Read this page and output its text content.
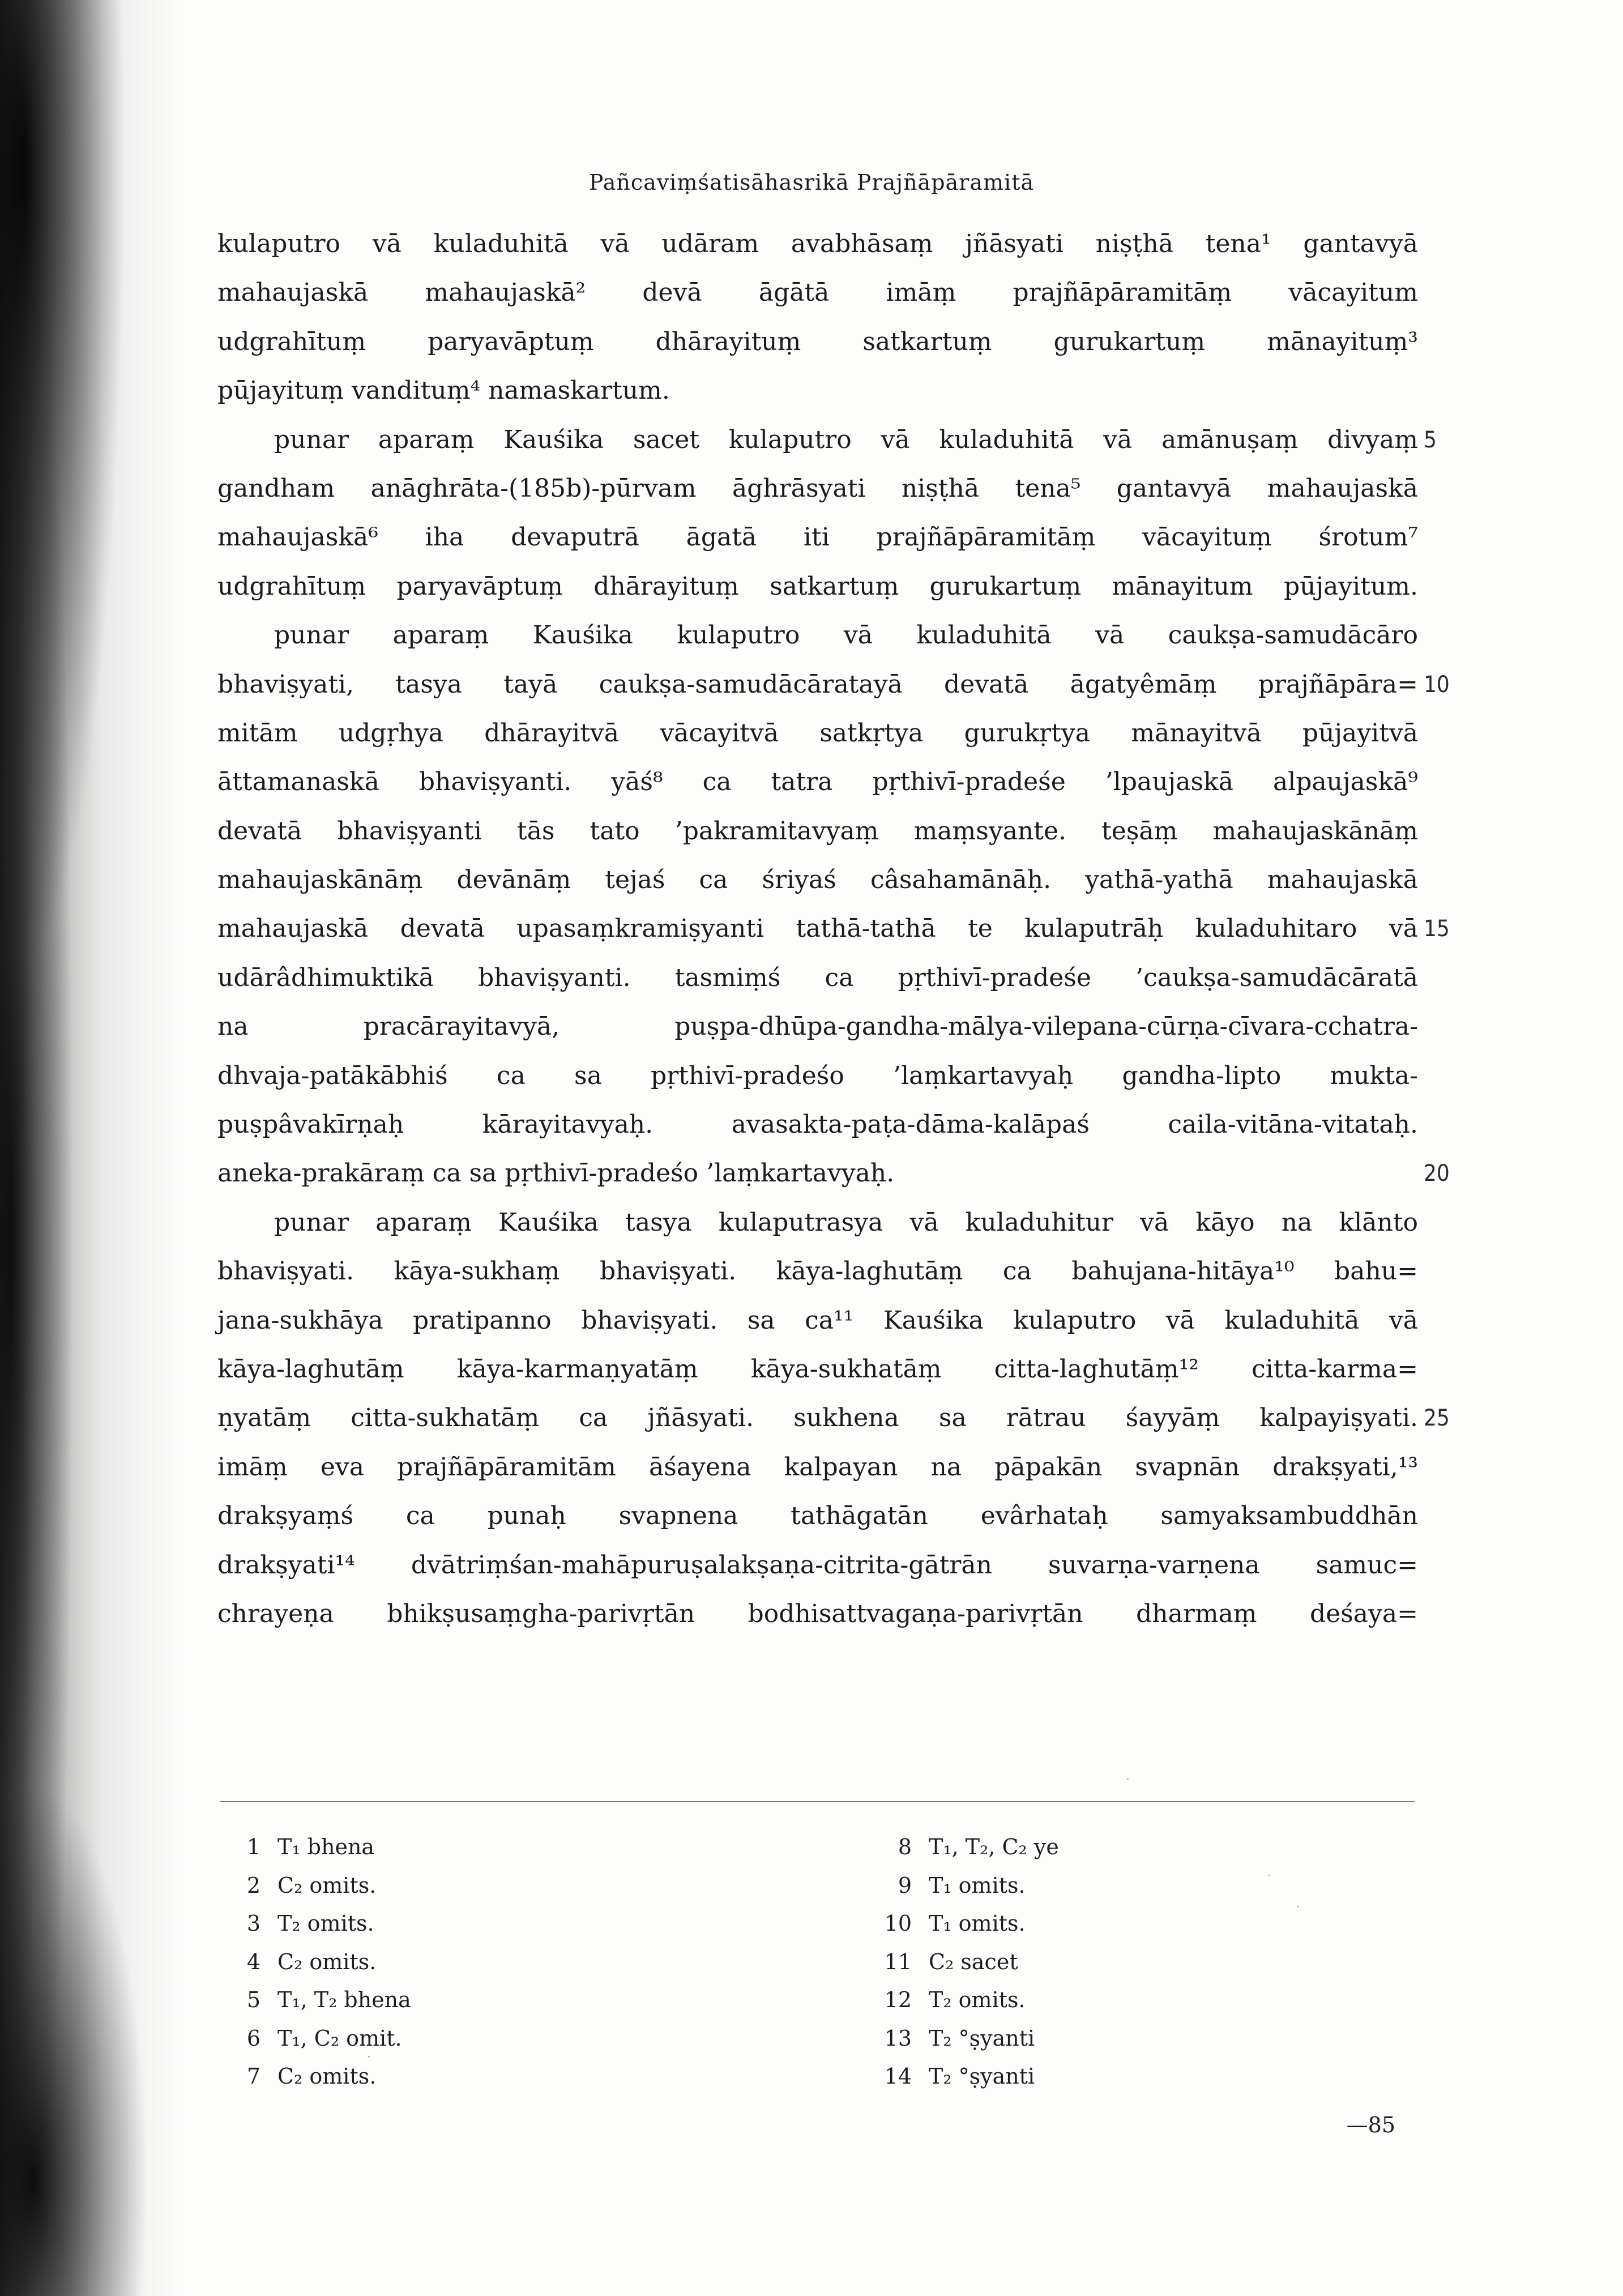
Pañcaviṃśatisāhasrikā Prajñāpāramitā
kulaputro vā kuladuhitā vā udāram avabhāsaṃ jñāsyati niṣṭhā tena¹ gantavyā
mahaujaskā mahaujaskā² devā āgātā imāṃ prajñāpāramitāṃ vācayitum
udgrahītuṃ paryavāptuṃ dhārayituṃ satkartuṃ gurukartuṃ mānayituṃ³
pūjayituṃ vandituṃ⁴ namaskartum.
punar aparaṃ Kauśika sacet kulaputro vā kuladuhitā vā amānuṣaṃ divyaṃ 5
gandham anāghrāta-(185b)-pūrvam āghrāsyati niṣṭhā tena⁵ gantavyā mahaujaskā
mahaujaskā⁶ iha devaputrā āgatā iti prajñāpāramitāṃ vācayituṃ śrotum⁷
udgrahītuṃ paryavāptuṃ dhārayituṃ satkartuṃ gurukartuṃ mānayitum pūjayitum.
punar aparaṃ Kauśika kulaputro vā kuladuhitā vā caukṣa-samudācāro
bhaviṣyati, tasya tayā caukṣa-samudācāratayā devatā āgatyêmāṃ prajñāpāra= 10
mitām udgṛhya dhārayitvā vācayitvā satkṛtya gurukṛtya mānayitvā pūjayitvā
āttamanaskā bhaviṣyanti. yāś⁸ ca tatra pṛthivī-pradeśe ’lpaujaskā alpaujaskā⁹
devatā bhaviṣyanti tās tato ’pakramitavyaṃ maṃsyante. teṣāṃ mahaujaskānāṃ
mahaujaskānāṃ devānāṃ tejaś ca śriyaś câsahamānāḥ. yathā-yathā mahaujaskā
mahaujaskā devatā upasaṃkramiṣyanti tathā-tathā te kulaputrāḥ kuladuhitaro vā 15
udārâdhimuktikā bhaviṣyanti. tasmiṃś ca pṛthivī-pradeśe ’caukṣa-samudācāratā
na pracārayitavyā, puṣpa-dhūpa-gandha-mālya-vilepana-cūrṇa-cīvara-cchatra-
dhvaja-patākābhiś ca sa pṛthivī-pradeśo ’laṃkartavyaḥ gandha-lipto mukta-
puṣpâvakīrṇaḥ kārayitavyaḥ. avasakta-paṭa-dāma-kalāpaś caila-vitāna-vitataḥ.
aneka-prakāraṃ ca sa pṛthivī-pradeśo ’laṃkartavyaḥ.	20
punar aparaṃ Kauśika tasya kulaputrasya vā kuladuhitur vā kāyo na klānto
bhaviṣyati. kāya-sukhaṃ bhaviṣyati. kāya-laghutāṃ ca bahujana-hitāya¹⁰ bahu=
jana-sukhāya pratipanno bhaviṣyati. sa ca¹¹ Kauśika kulaputro vā kuladuhitā vā
kāya-laghutāṃ kāya-karmaṇyatāṃ kāya-sukhatāṃ citta-laghutāṃ¹² citta-karma=
ṇyatāṃ citta-sukhatāṃ ca jñāsyati. sukhena sa rātrau śayyāṃ kalpayiṣyati. 25
imāṃ eva prajñāpāramitām āśayena kalpayan na pāpakān svapnān drakṣyati,¹³
drakṣyaṃś ca punaḥ svapnena tathāgatān evârhataḥ samyaksambuddhān
drakṣyati¹⁴ dvātriṃśan-mahāpuruṣalakṣaṇa-citrita-gātrān suvarṇa-varṇena samuc=
chrayeṇa bhikṣusaṃgha-parivṛtān bodhisattvagaṇa-parivṛtān dharmaṃ deśaya=
1 T₁ bhena
2 C₂ omits.
3 T₂ omits.
4 C₂ omits.
5 T₁, T₂ bhena
6 T₁, C₂ omit.
7 C₂ omits.
8 T₁, T₂, C₂ ye
9 T₁ omits.
10 T₁ omits.
11 C₂ sacet
12 T₂ omits.
13 T₂ °ṣyanti
14 T₂ °ṣyanti
—85
